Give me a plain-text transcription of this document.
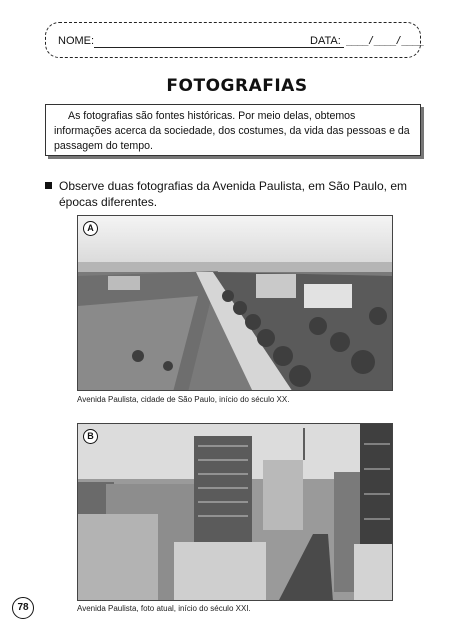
NOME:	DATA: ____/____/____
FOTOGRAFIAS
As fotografias são fontes históricas. Por meio delas, obtemos informações acerca da sociedade, dos costumes, da vida das pessoas e da passagem do tempo.
Observe duas fotografias da Avenida Paulista, em São Paulo, em épocas diferentes.
A
Avenida Paulista, cidade de São Paulo, início do século XX.
B
Avenida Paulista, foto atual, início do século XXI.
78
